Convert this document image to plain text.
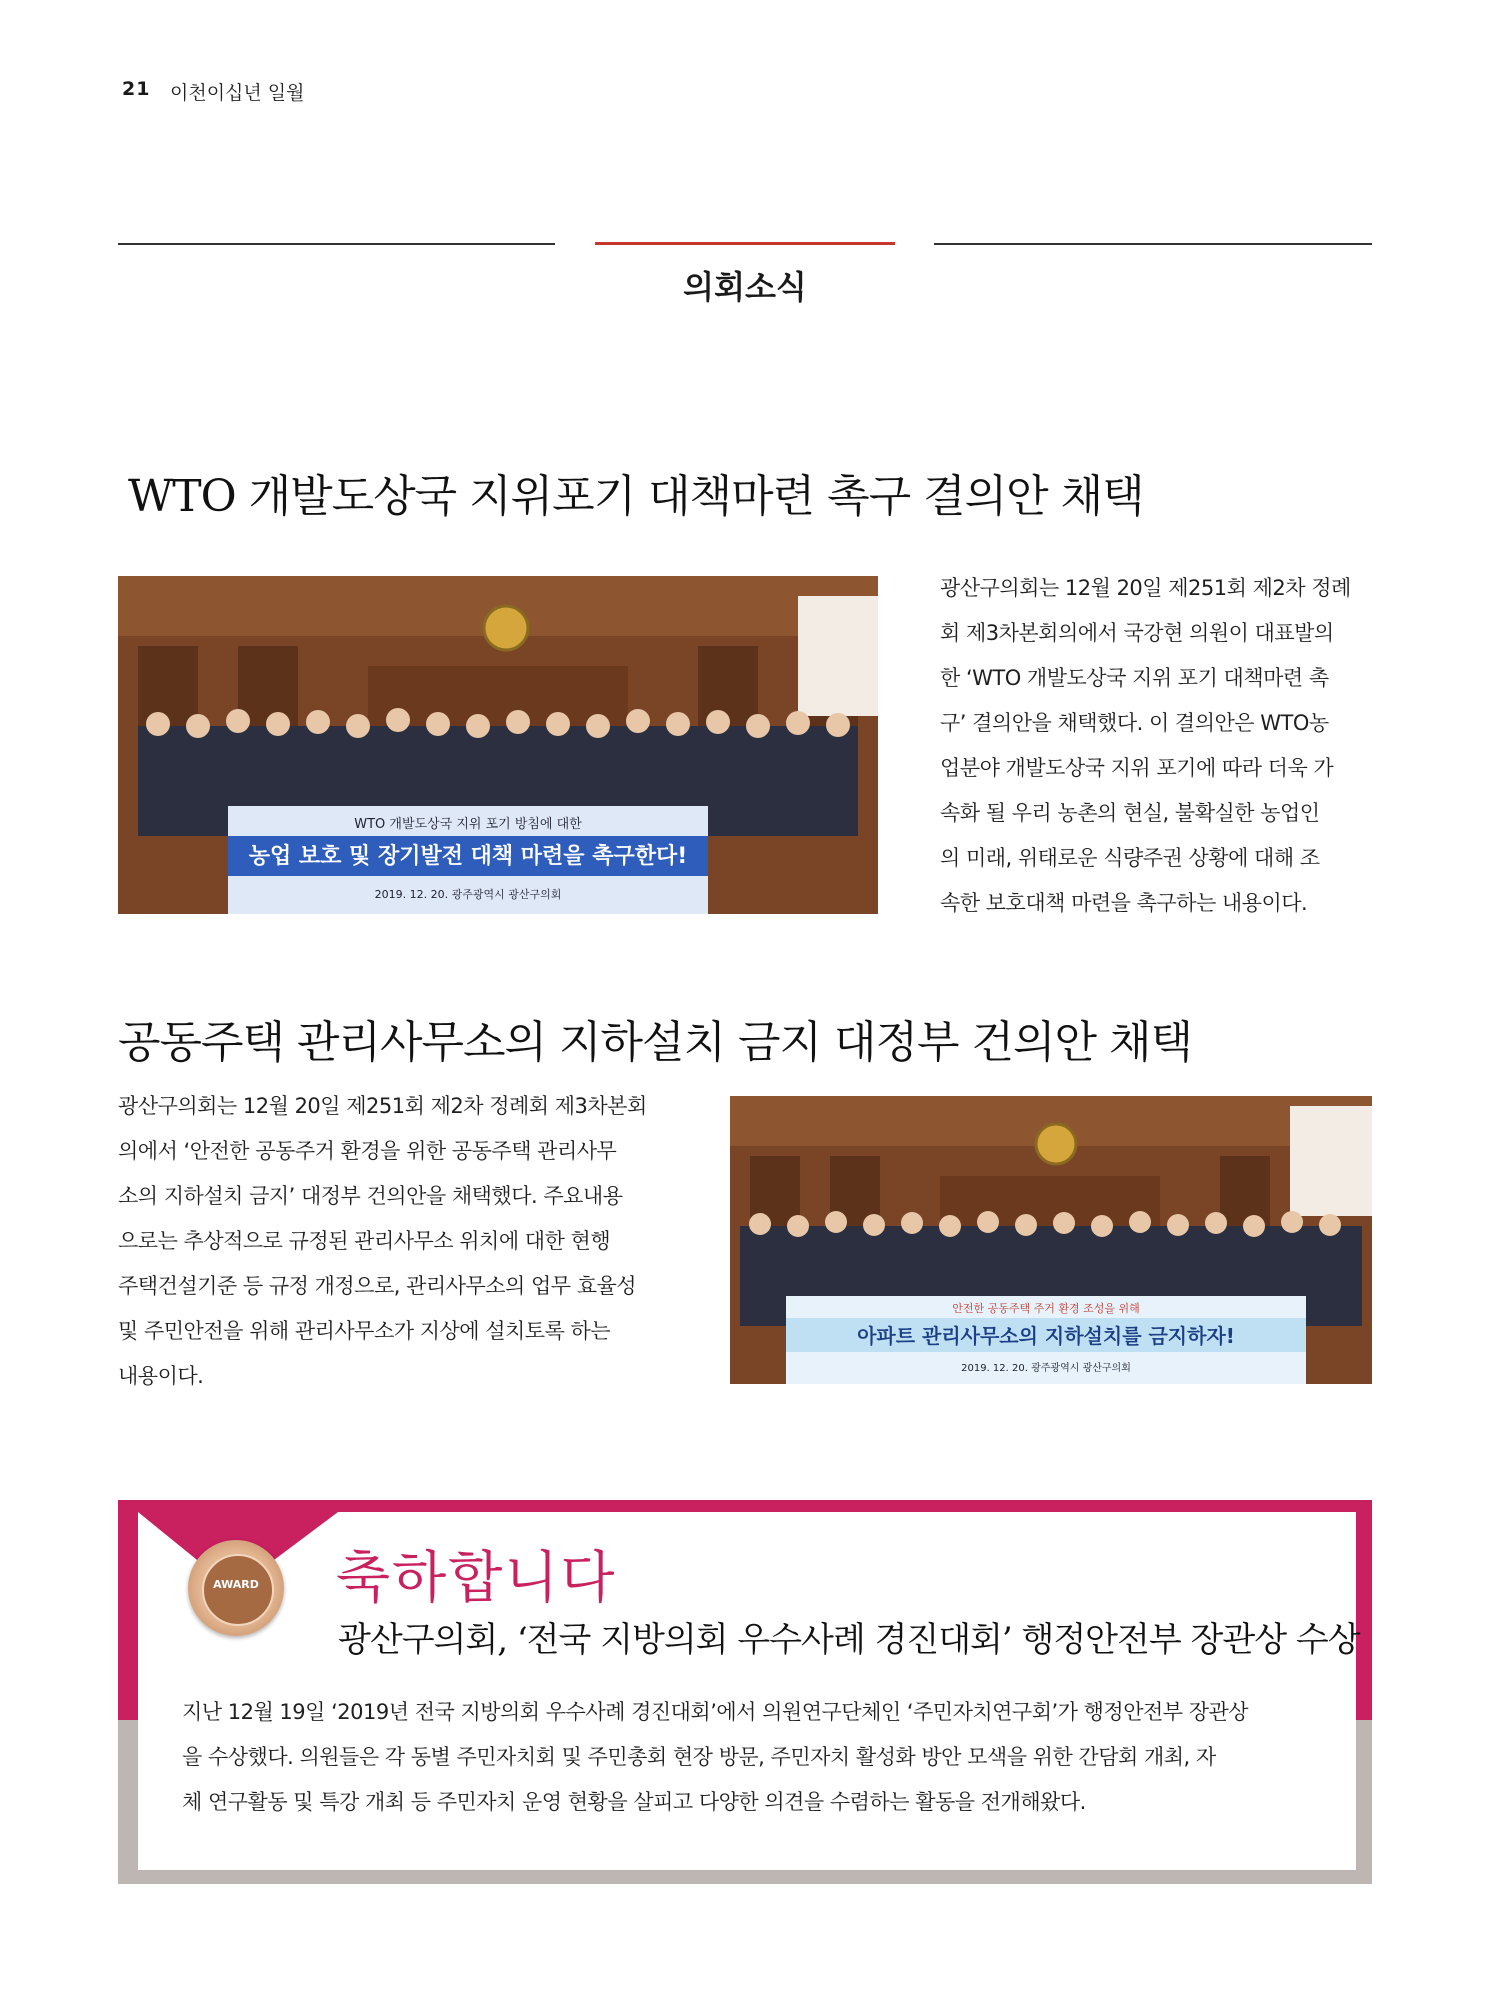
21 이천이십년 일월
의회소식
WTO 개발도상국 지위포기 대책마련 촉구 결의안 채택
WTO 개발도상국 지위 포기 방침에 대한
농업 보호 및 장기발전 대책 마련을 촉구한다!
2019. 12. 20. 광주광역시 광산구의회
광산구의회는 12월 20일 제251회 제2차 정례
회 제3차본회의에서 국강현 의원이 대표발의
한 ‘WTO 개발도상국 지위 포기 대책마련 촉
구’ 결의안을 채택했다. 이 결의안은 WTO농
업분야 개발도상국 지위 포기에 따라 더욱 가
속화 될 우리 농촌의 현실, 불확실한 농업인
의 미래, 위태로운 식량주권 상황에 대해 조
속한 보호대책 마련을 촉구하는 내용이다.
공동주택 관리사무소의 지하설치 금지 대정부 건의안 채택
광산구의회는 12월 20일 제251회 제2차 정례회 제3차본회
의에서 ‘안전한 공동주거 환경을 위한 공동주택 관리사무
소의 지하설치 금지’ 대정부 건의안을 채택했다. 주요내용
으로는 추상적으로 규정된 관리사무소 위치에 대한 현행
주택건설기준 등 규정 개정으로, 관리사무소의 업무 효율성
및 주민안전을 위해 관리사무소가 지상에 설치토록 하는
내용이다.
안전한 공동주택 주거 환경 조성을 위해
아파트 관리사무소의 지하설치를 금지하자!
2019. 12. 20. 광주광역시 광산구의회
AWARD	축하합니다
광산구의회, ‘전국 지방의회 우수사례 경진대회’ 행정안전부 장관상 수상
지난 12월 19일 ‘2019년 전국 지방의회 우수사례 경진대회’에서 의원연구단체인 ‘주민자치연구회’가 행정안전부 장관상
을 수상했다. 의원들은 각 동별 주민자치회 및 주민총회 현장 방문, 주민자치 활성화 방안 모색을 위한 간담회 개최, 자
체 연구활동 및 특강 개최 등 주민자치 운영 현황을 살피고 다양한 의견을 수렴하는 활동을 전개해왔다.
